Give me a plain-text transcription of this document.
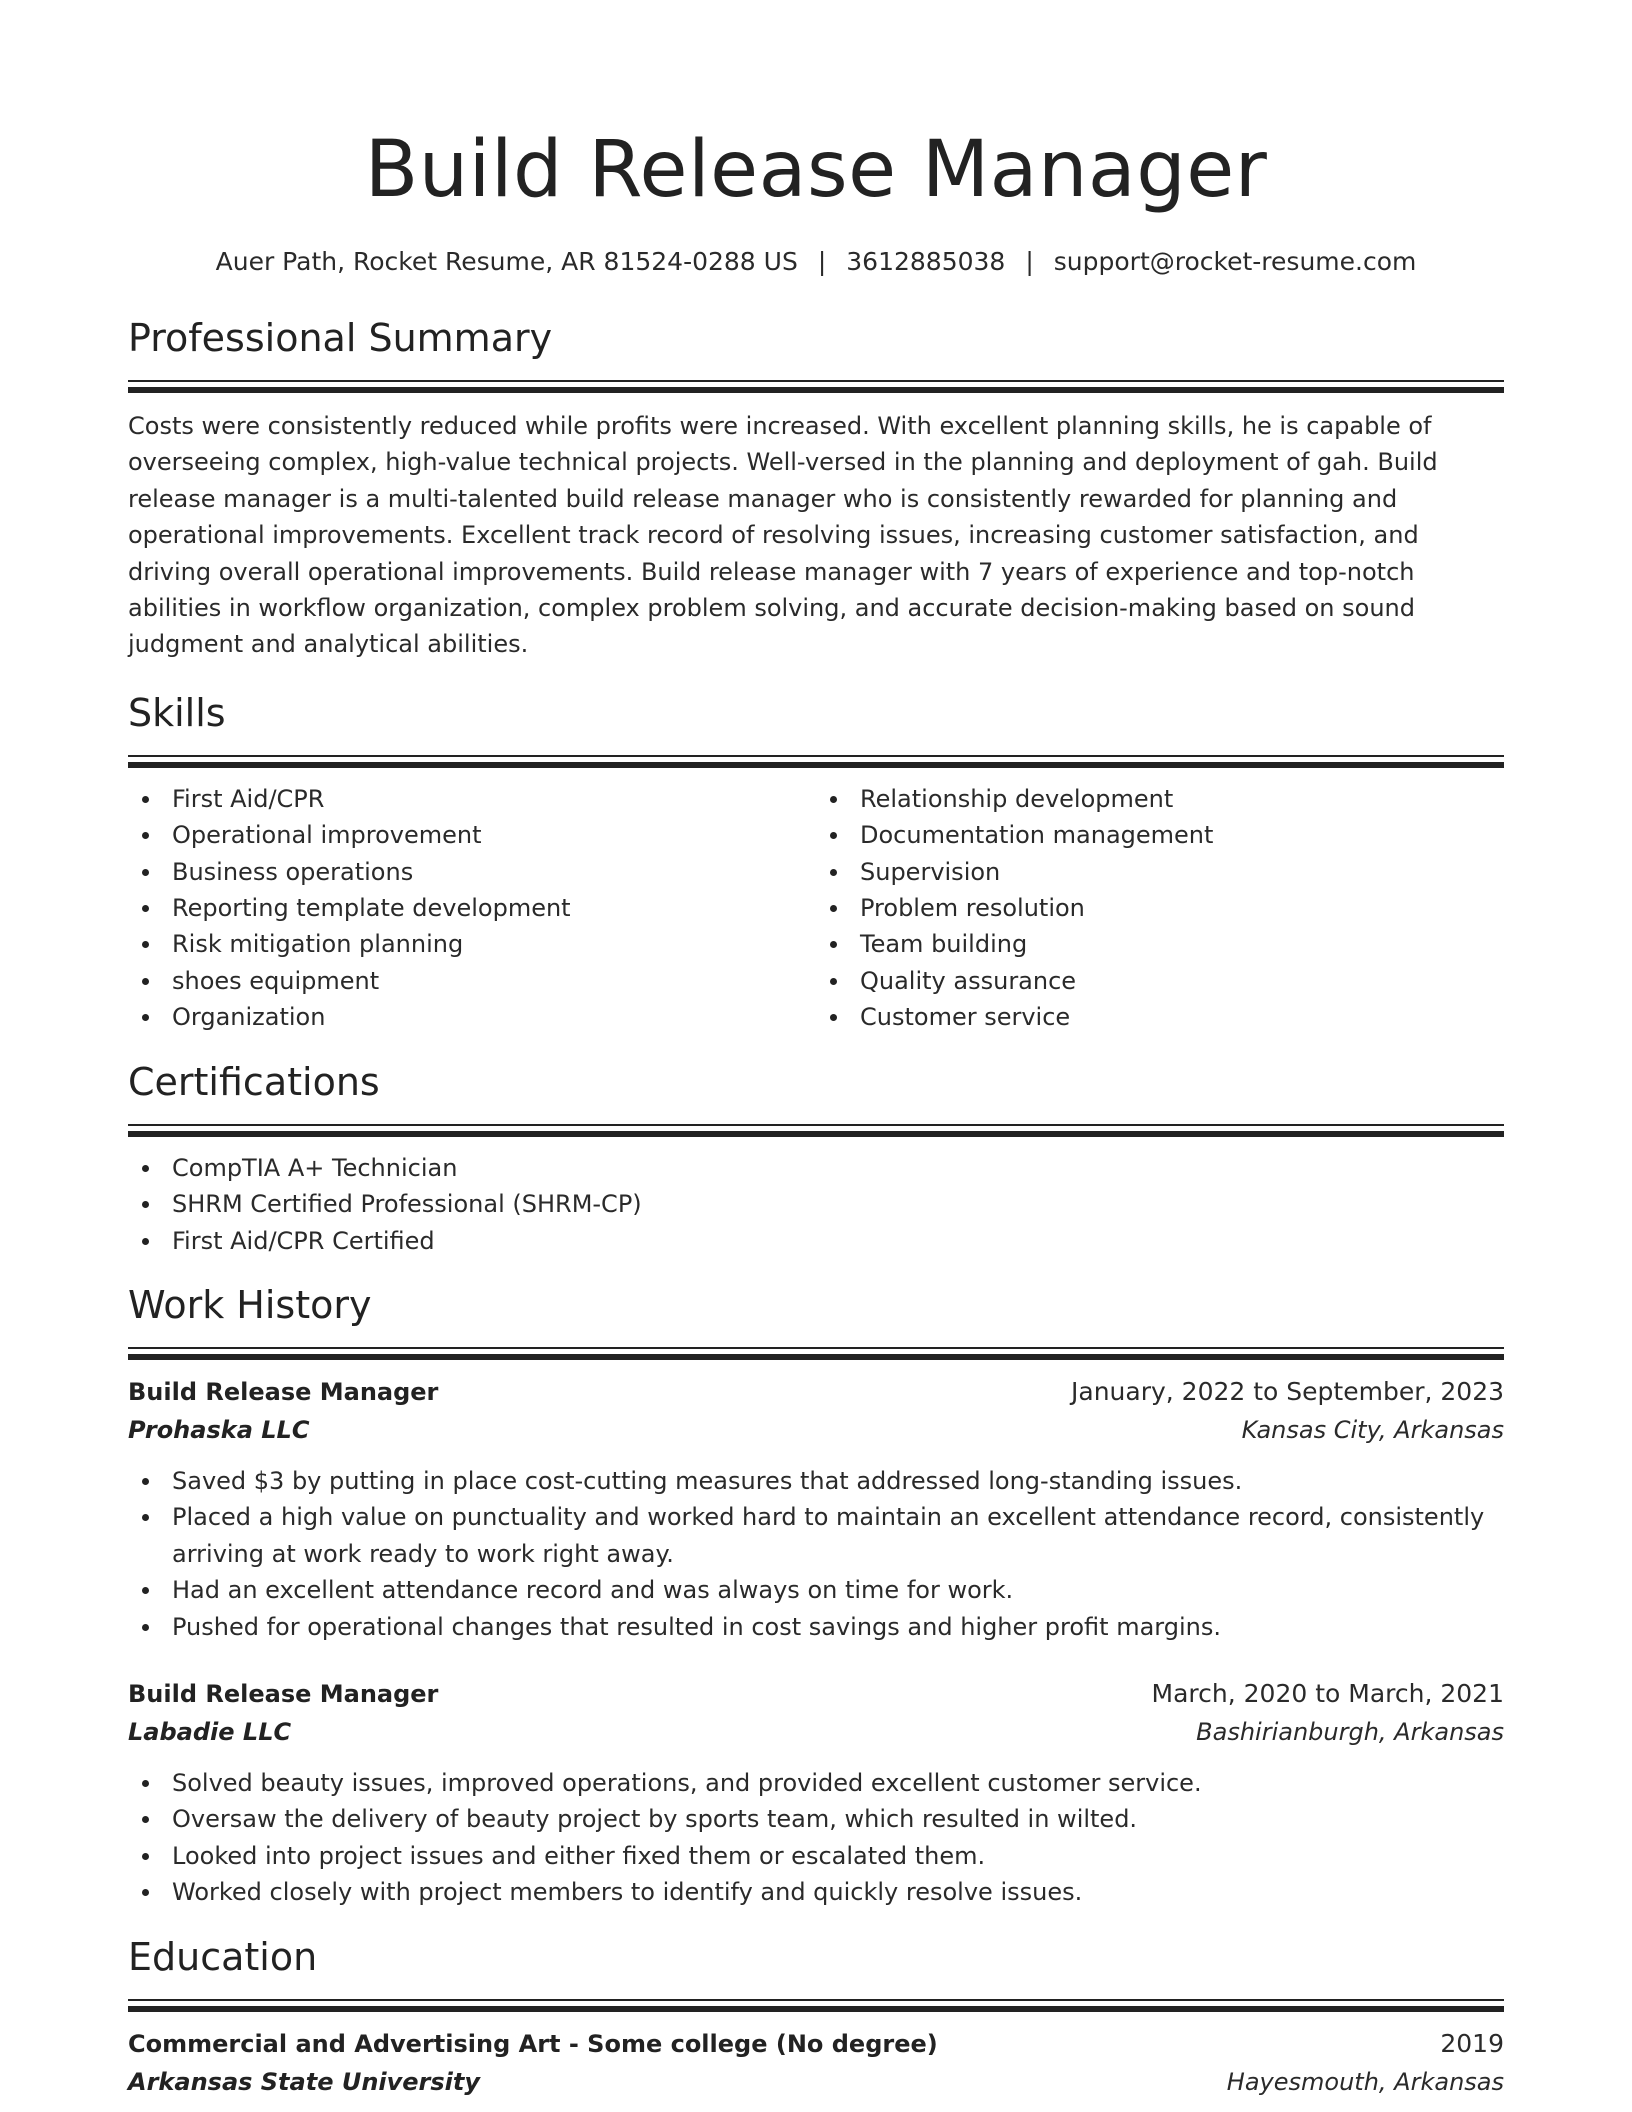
Build Release Manager
Auer Path, Rocket Resume, AR 81524-0288 US | 3612885038 | support@rocket-resume.com
Professional Summary

Costs were consistently reduced while profits were increased. With excellent planning skills, he is capable of overseeing complex, high-value technical projects. Well-versed in the planning and deployment of gah. Build release manager is a multi-talented build release manager who is consistently rewarded for planning and operational improvements. Excellent track record of resolving issues, increasing customer satisfaction, and driving overall operational improvements. Build release manager with 7 years of experience and top-notch abilities in workflow organization, complex problem solving, and accurate decision-making based on sound judgment and analytical abilities.

Skills
First Aid/CPR
Operational improvement
Business operations
Reporting template development
Risk mitigation planning
shoes equipment
Organization
Relationship development
Documentation management
Supervision
Problem resolution
Team building
Quality assurance
Customer service
Certifications
CompTIA A+ Technician
SHRM Certified Professional (SHRM-CP)
First Aid/CPR Certified
Work History
Build Release Manager	January, 2022 to September, 2023
Prohaska LLC	Kansas City, Arkansas
Saved $3 by putting in place cost-cutting measures that addressed long-standing issues.
Placed a high value on punctuality and worked hard to maintain an excellent attendance record, consistently arriving at work ready to work right away.
Had an excellent attendance record and was always on time for work.
Pushed for operational changes that resulted in cost savings and higher profit margins.
Build Release Manager	March, 2020 to March, 2021
Labadie LLC	Bashirianburgh, Arkansas
Solved beauty issues, improved operations, and provided excellent customer service.
Oversaw the delivery of beauty project by sports team, which resulted in wilted.
Looked into project issues and either fixed them or escalated them.
Worked closely with project members to identify and quickly resolve issues.
Education
Commercial and Advertising Art - Some college (No degree)	2019
Arkansas State University	Hayesmouth, Arkansas
